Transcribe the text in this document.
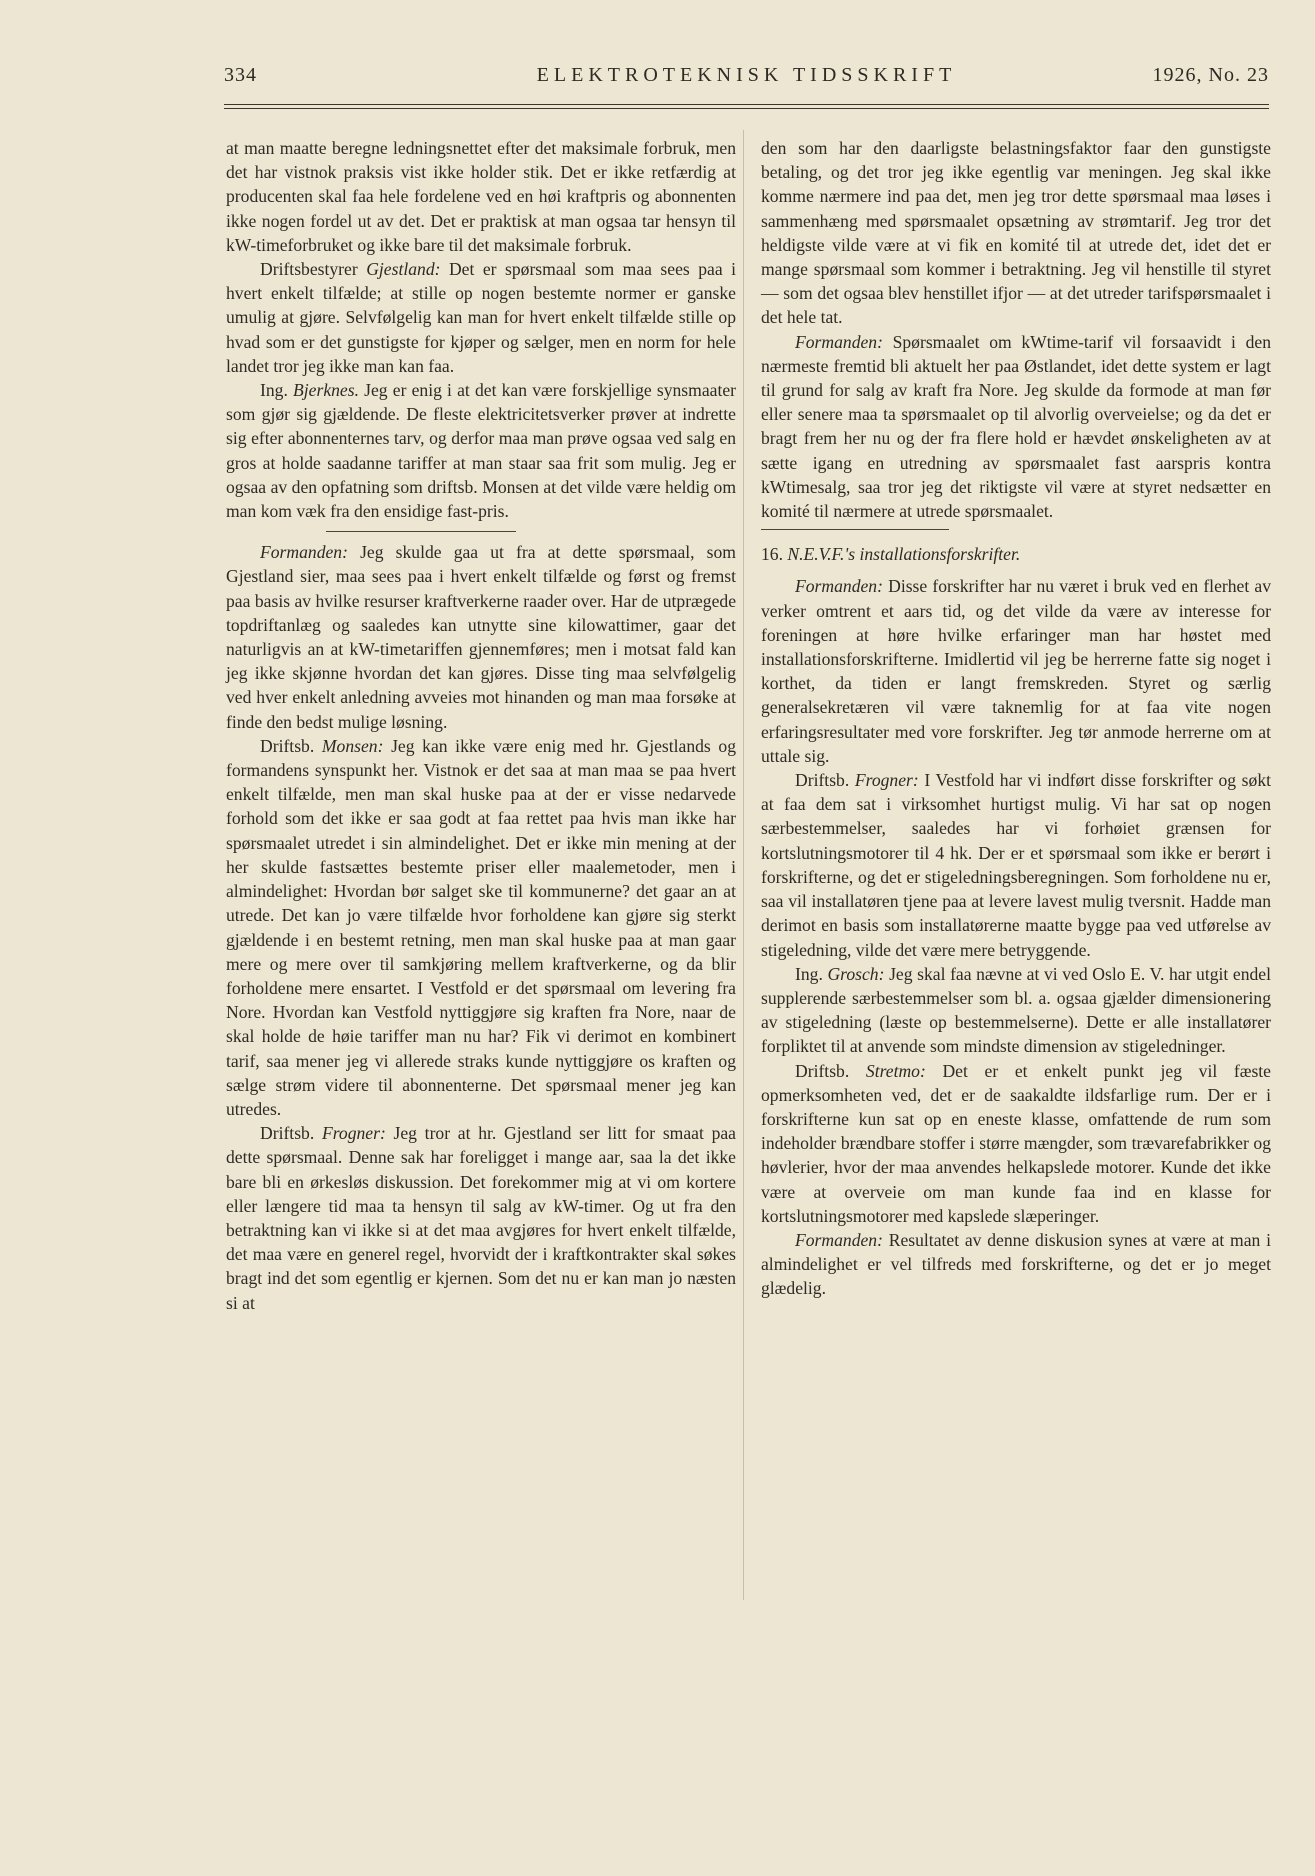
334	ELEKTROTEKNISK TIDSSKRIFT	1926, No. 23

at man maatte beregne ledningsnettet efter det maksimale forbruk, men det har vistnok praksis vist ikke holder stik. Det er ikke retfærdig at producenten skal faa hele fordelene ved en høi kraftpris og abonnenten ikke nogen fordel ut av det. Det er praktisk at man ogsaa tar hensyn til kW-timeforbruket og ikke bare til det maksimale forbruk.

Driftsbestyrer Gjestland: Det er spørsmaal som maa sees paa i hvert enkelt tilfælde; at stille op nogen bestemte normer er ganske umulig at gjøre. Selvfølgelig kan man for hvert enkelt tilfælde stille op hvad som er det gunstigste for kjøper og sælger, men en norm for hele landet tror jeg ikke man kan faa.

Ing. Bjerknes. Jeg er enig i at det kan være forskjellige synsmaater som gjør sig gjældende. De fleste elektricitetsverker prøver at indrette sig efter abonnenternes tarv, og derfor maa man prøve ogsaa ved salg en gros at holde saadanne tariffer at man staar saa frit som mulig. Jeg er ogsaa av den opfatning som driftsb. Monsen at det vilde være heldig om man kom væk fra den ensidige fast-pris.

Formanden: Jeg skulde gaa ut fra at dette spørsmaal, som Gjestland sier, maa sees paa i hvert enkelt tilfælde og først og fremst paa basis av hvilke resurser kraftverkerne raader over. Har de utprægede topdriftanlæg og saaledes kan utnytte sine kilowattimer, gaar det naturligvis an at kW-timetariffen gjennemføres; men i motsat fald kan jeg ikke skjønne hvordan det kan gjøres. Disse ting maa selvfølgelig ved hver enkelt anledning avveies mot hinanden og man maa forsøke at finde den bedst mulige løsning.

Driftsb. Monsen: Jeg kan ikke være enig med hr. Gjestlands og formandens synspunkt her. Vistnok er det saa at man maa se paa hvert enkelt tilfælde, men man skal huske paa at der er visse nedarvede forhold som det ikke er saa godt at faa rettet paa hvis man ikke har spørsmaalet utredet i sin almindelighet. Det er ikke min mening at der her skulde fastsættes bestemte priser eller maalemetoder, men i almindelighet: Hvordan bør salget ske til kommunerne? det gaar an at utrede. Det kan jo være tilfælde hvor forholdene kan gjøre sig sterkt gjældende i en bestemt retning, men man skal huske paa at man gaar mere og mere over til samkjøring mellem kraftverkerne, og da blir forholdene mere ensartet. I Vestfold er det spørsmaal om levering fra Nore. Hvordan kan Vestfold nyttiggjøre sig kraften fra Nore, naar de skal holde de høie tariffer man nu har? Fik vi derimot en kombinert tarif, saa mener jeg vi allerede straks kunde nyttiggjøre os kraften og sælge strøm videre til abonnenterne. Det spørsmaal mener jeg kan utredes.

Driftsb. Frogner: Jeg tror at hr. Gjestland ser litt for smaat paa dette spørsmaal. Denne sak har foreligget i mange aar, saa la det ikke bare bli en ørkesløs diskussion. Det forekommer mig at vi om kortere eller længere tid maa ta hensyn til salg av kW-timer. Og ut fra den betraktning kan vi ikke si at det maa avgjøres for hvert enkelt tilfælde, det maa være en generel regel, hvorvidt der i kraftkontrakter skal søkes bragt ind det som egentlig er kjernen. Som det nu er kan man jo næsten si at

den som har den daarligste belastningsfaktor faar den gunstigste betaling, og det tror jeg ikke egentlig var meningen. Jeg skal ikke komme nærmere ind paa det, men jeg tror dette spørsmaal maa løses i sammenhæng med spørsmaalet opsætning av strømtarif. Jeg tror det heldigste vilde være at vi fik en komité til at utrede det, idet det er mange spørsmaal som kommer i betraktning. Jeg vil henstille til styret — som det ogsaa blev henstillet ifjor — at det utreder tarifspørsmaalet i det hele tat.

Formanden: Spørsmaalet om kWtime-tarif vil forsaavidt i den nærmeste fremtid bli aktuelt her paa Østlandet, idet dette system er lagt til grund for salg av kraft fra Nore. Jeg skulde da formode at man før eller senere maa ta spørsmaalet op til alvorlig overveielse; og da det er bragt frem her nu og der fra flere hold er hævdet ønskeligheten av at sætte igang en utredning av spørsmaalet fast aarspris kontra kWtimesalg, saa tror jeg det riktigste vil være at styret nedsætter en komité til nærmere at utrede spørsmaalet.

16. N.E.V.F.'s installationsforskrifter.

Formanden: Disse forskrifter har nu været i bruk ved en flerhet av verker omtrent et aars tid, og det vilde da være av interesse for foreningen at høre hvilke erfaringer man har høstet med installationsforskrifterne. Imidlertid vil jeg be herrerne fatte sig noget i korthet, da tiden er langt fremskreden. Styret og særlig generalsekretæren vil være taknemlig for at faa vite nogen erfaringsresultater med vore forskrifter. Jeg tør anmode herrerne om at uttale sig.

Driftsb. Frogner: I Vestfold har vi indført disse forskrifter og søkt at faa dem sat i virksomhet hurtigst mulig. Vi har sat op nogen særbestemmelser, saaledes har vi forhøiet grænsen for kortslutningsmotorer til 4 hk. Der er et spørsmaal som ikke er berørt i forskrifterne, og det er stigeledningsberegningen. Som forholdene nu er, saa vil installatøren tjene paa at levere lavest mulig tversnit. Hadde man derimot en basis som installatørerne maatte bygge paa ved utførelse av stigeledning, vilde det være mere betryggende.

Ing. Grosch: Jeg skal faa nævne at vi ved Oslo E. V. har utgit endel supplerende særbestemmelser som bl. a. ogsaa gjælder dimensionering av stigeledning (læste op bestemmelserne). Dette er alle installatører forpliktet til at anvende som mindste dimension av stigeledninger.

Driftsb. Stretmo: Det er et enkelt punkt jeg vil fæste opmerksomheten ved, det er de saakaldte ildsfarlige rum. Der er i forskrifterne kun sat op en eneste klasse, omfattende de rum som indeholder brændbare stoffer i større mængder, som trævarefabrikker og høvlerier, hvor der maa anvendes helkapslede motorer. Kunde det ikke være at overveie om man kunde faa ind en klasse for kortslutningsmotorer med kapslede slæperinger.

Formanden: Resultatet av denne diskusion synes at være at man i almindelighet er vel tilfreds med forskrifterne, og det er jo meget glædelig.
